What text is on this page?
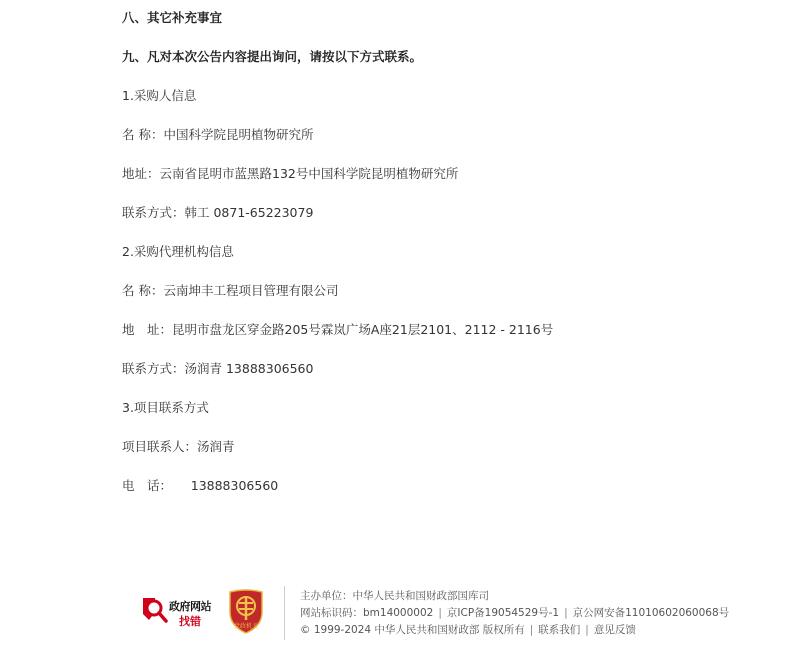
八、其它补充事宜
九、凡对本次公告内容提出询问，请按以下方式联系。
1.采购人信息
名 称：中国科学院昆明植物研究所
地址：云南省昆明市蓝黑路132号中国科学院昆明植物研究所
联系方式：韩工 0871-65223079
2.采购代理机构信息
名 称：云南坤丰工程项目管理有限公司
地　址：昆明市盘龙区穿金路205号霖岚广场A座21层2101、2112 - 2116号
联系方式：汤润青 13888306560
3.项目联系方式
项目联系人：汤润青
电　话：　　13888306560
政府网站
找错	党政机关
主办单位：中华人民共和国财政部国库司
网站标识码：bm14000002 | 京ICP备19054529号-1 | 京公网安备11010602060068号
© 1999-2024 中华人民共和国财政部 版权所有 | 联系我们 | 意见反馈
